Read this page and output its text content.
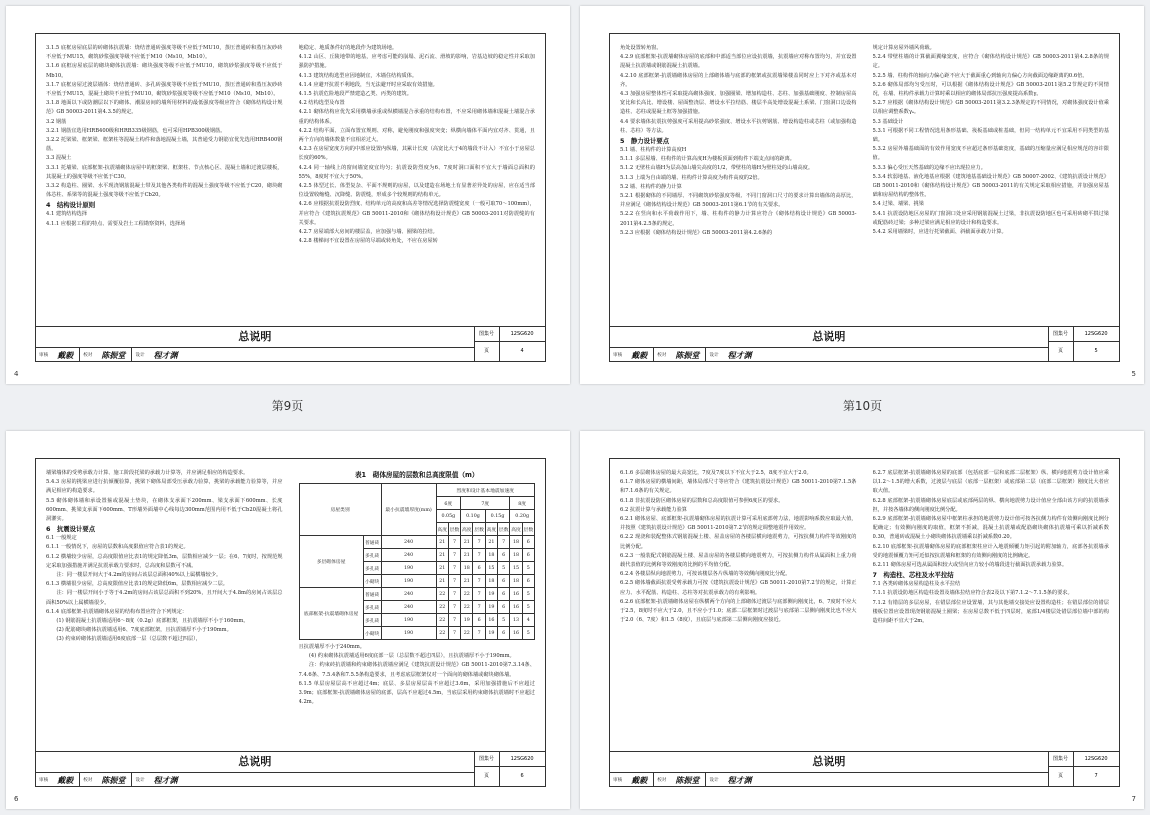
第9页	第10页

3.1.5 底框房屋底层的砖砌体抗震墙：烧结普通砖强度等级不应低于MU10，蒸压普通砖和蒸压灰砂砖不应低于MU15，砌筑砂浆强度等级不应低于M10（Ms10，Mb10）。

3.1.6 底框房屋底层的砌块砌体抗震墙：砌块强度等级不应低于MU10，砌筑砂浆强度等级不应低于Mb10。

3.1.7 底框房屋过渡层墙体：烧结普通砖、多孔砖强度等级不应低于MU10，蒸压普通砖和蒸压灰砂砖不应低于MU15，混凝土砌块不应低于MU10，砌筑砂浆强度等级不应低于M10（Ms10，Mb10）。

3.1.8 地面以下或防潮层以下的砌体、潮湿房间的墙所用材料的最低强度等级应符合《砌体结构设计规范》GB 50003-2011第4.3.5的规定。

3.2 钢筋

3.2.1 钢筋宜选用HRB400级和HRB335级钢筋，也可采用HPB300级钢筋。

3.2.2 托梁梁、框架梁、框架柱等混凝土构件和落地混凝土墙，其普通受力钢筋宜优先选用HRB400钢筋。

3.3 混凝土

3.3.1 托墙梁、底部框架-抗震墙砌体房屋中的框架梁、框架柱、节点核心区、混凝土墙和过渡层楼板，其混凝土的强度等级不应低于C30。

3.3.2 构造柱、圈梁、水平现浇钢筋混凝土带及其他各类构件的混凝土强度等级不应低于C20，砌块砌体芯柱、系梁等的混凝土强度等级不应低于Cb20。

4　结构设计原则

4.1 建筑结构选择

4.1.1 应根据工程的特点、需要及岩土工程勘察资料，选择场

地稳定、地质条件好的地段作为建筑场地。

4.1.2 山区、丘陵地带的地基，应考虑可能的崩塌、泥石流、滑坡的影响，岩基边坡的稳定性并采取加强防护措施。

4.1.3 建筑结构选型应因地制宜，木墙住结构质体。

4.1.4 应避开抗震不利地段，当无法避开时应采取有效措施。

4.1.5 抗震危险地段严禁建造乙类、丙类的建筑。

4.2 结构选型及布置

4.2.1 砌体结构应优先采用横墙承重或纵横墙混合承重的结构布置，不应采用砌体墙和混凝土墙混合承重的结构体系。

4.2.2 结构平面、立面布置宜规则、对称，避免刚度和强度突变；纵横向墙体平面内宜对齐、贯通，且两个方向的墙体数量不宜相差过大。

4.2.3 在房屋宽度方向的中部应设置内纵墙，其累计长度（高宽比大于4的墙段不计入）不宜小于房屋总长度的60%。

4.2.4 同一轴线上的窗间墙宽度宜均匀；抗震设防烈度为6、7度时洞口面积不宜大于墙面总面积的55%，8度时不宜大于50%。

4.2.5 体型过长、体型复杂、平面不规则的房屋，以及建造在场地土有显著差异处的房屋，应在适当部位设置收缩缝、沉降缝、防震缝，形成多个较规则的结构单元。

4.2.6 应根据抗震设防烈度、结构单元的高度和高差等情况选择防震缝宽度（一般可取70～100mm），并应符合《建筑抗震规范》GB 50011-2010和《砌体结构设计规范》GB 50003-2011对防震缝的有关要求。

4.2.7 房屋端部大房间的楼层盖，应加强与墙、圈梁的拉结。

4.2.8 楼梯间不宜设置在房屋的尽端或转角处，不应在房屋转

总说明	图集号	12SG620
页	4
审核	戴毅	校对	陈振堂	设计	程才渊
4

角处设置转角窗。

4.2.9 底部框架-抗震墙砌体房屋的底部和中部适当部位应设抗震墙，抗震墙应对称布置均匀，并宜设置混凝土抗震墙或钢筋混凝土抗震墙。

4.2.10 底部框架-抗震墙砌体房屋的上部砌体墙与底部的框架或抗震墙梁楼盖同时应上下对齐或基本对齐。

4.3 加强房屋整体性可采取提高砌体强度、加强圈梁、增加构造柱、芯柱、加强基础刚度、控制房屋高宽比和长高比、增设楼、屋面整浇层、增设水平拉结筋、楼层半高处增设混凝土系梁、门窗洞口边设构造柱、芯柱或混凝土框等加强措施。

4.4 要求墙体抗震抗剪强度可采用提高砂浆强度、增设水平抗剪钢筋、增设构造柱或芯柱（或加强构造柱、芯柱）等方法。

5　静力设计要点

5.1 墙、柱构件的计算高度H

5.1.1 多层屋墙、柱构件的计算高度H为楼板顶面到构件下端支点间的距离。

5.1.2 无壁柱山墙H为层高加山墙尖高度的1/2，带壁柱的墙H为壁柱处的山墙高度。

5.1.3 上端为自由端的墙、柱构件计算高度为构件高度的2倍。

5.2 墙、柱构件的静力计算

5.2.1 根据砌体的不同墙厚、不同砌筑砂浆强度等级、不同门窗洞口尺寸的要求计算出墙体的高厚比，并应满足《砌体结构设计规范》GB 50003-2011第6.1节的有关要求。

5.2.2 在竖向和水平荷载作用下，墙、柱构件的静力计算应符合《砌体结构设计规范》GB 50003-2011第4.2.5条的规定。

5.2.3 应根据《砌体结构设计规范》GB 50003-2011第4.2.6条的

规定计算房屋外墙风荷载。

5.2.4 带壁柱墙的计算截面翼缘宽度，应符合《砌体结构设计规范》GB 50003-2011第4.2.8条的规定。

5.2.5 墙、柱构件的轴向力偏心距不应大于截面重心到轴向力偏心方向截面边缘距离的0.6倍。

5.2.6 砌体局部均匀受压时，可以根据《砌体结构设计规范》GB 50003-2011第5.2节规定的不同情况，在墙、柱构件承载力计算时乘以相应的砌体局部抗压强度提高系数γ。

5.2.7 应根据《砌体结构设计规范》GB 50003-2011第3.2.3条规定的不同情况，对砌体强度设计值乘以相应调整系数γₐ。

5.3 基础设计

5.3.1 可根据不同工程情况选用条形基础、筏板基础或桩基础，但同一结构单元不宜采用不同类型的基础。

5.3.2 房屋外墙基础面的有效作用宽度不应超过条形基础宽度，基础的压缩量应满足相应规范的容许限值。

5.3.3 偏心受压天然基础的边缘不应出现拉应力。

5.3.4 软弱地基、液化地基应根据《建筑地基基础设计规范》GB 50007-2002、《建筑抗震设计规范》GB 50011-2010和《砌体结构设计规范》GB 50003-2011的有关规定采取相应措施，并加强房屋基础和房屋结构的整体性。

5.4 过梁、墙梁、挑梁

5.4.1 抗震设防地区房屋的门窗洞口处应采用钢筋混凝土过梁，非抗震设防地区也可采用砖砌平拱过梁或配筋砖过梁；多种过梁应满足相应的设计和构造要求。

5.4.2 采用墙梁时，应进行托梁截面、斜截面承载力计算。

总说明	图集号	12SG620
页	5
审核	戴毅	校对	陈振堂	设计	程才渊
5

墙梁墙体的受剪承载力计算、施工阶段托梁的承载力计算等，并应满足相应的构造要求。

5.4.3 房屋的挑梁应进行抗倾覆验算，挑梁下砌体局部受压承载力验算，挑梁的承载能力验算等，并应满足相应的构造要求。

5.5 砌体砌体墙和承设置箍或混凝土垫块，在砌体支承面下200mm、梁支承面下600mm、长度600mm、挑梁支承面下600mm、T形墙外面墙中心线每边300mm范围内用不低于Cb20混凝土将孔洞灌实。

6　抗震设计要点

6.1 一般规定

6.1.1 一般情况下，房屋的层数和高度限值应符合表1的规定。

6.1.2 横墙较少房屋，总高度限值应比表1的规定降低3m，层数相应减少一层；在6、7度时，按规范规定采取加强措施并满足抗震承载力要求时，总高度和层数可不减。

　　注：同一楼层开间大于4.2m的房间占该层总面积40%以上属横墙较少。

6.1.3 横墙很少房屋，总高度限值应比表1的规定降低6m，层数相应减少二层。

　　注：同一楼层开间小于等于4.2m的房间占该层总面积不到20%，且开间大于4.8m的房间占该层总面积50%以上属横墙很少。

6.1.4 底部框架-抗震墙砌体房屋的结构布置应符合下列规定：

　　(1) 钢筋混凝土抗震墙适用6～8度（0.2g）底部框架，且抗震墙厚不小于160mm。

　　(2) 配筋砌块砌体抗震墙适用6、7度底部框架，且抗震墙厚不小于190mm。

　　(3) 约束砖砌体抗震墙适用6度底部一层（总层数不超过四层），

表1　砌体房屋的层数和总高度限值（m）

房屋类别		最小抗震墙厚度(mm)	烈度和设计基本地震加速度							
			6度		7度				8度	
			0.05g		0.10g		0.15g		0.20g	
			高度	层数	高度	层数	高度	层数	高度	层数
多层砌体房屋	普通砖	240	21	7	21	7	21	7	18	6
	多孔砖	240	21	7	21	7	18	6	18	6
	多孔砖	190	21	7	18	6	15	5	15	5
	小砌块	190	21	7	21	7	18	6	18	6
底部框架-抗震墙砌体房屋	普通砖	240	22	7	22	7	19	6	16	5
	多孔砖	240	22	7	22	7	19	6	16	5
	多孔砖	190	22	7	19	6	16	5	13	4
	小砌块	190	22	7	22	7	19	6	16	5

且抗震墙厚不小于240mm。

　　(4) 约束砌体抗震墙适用6度底部一层（总层数不超过四层），且抗震墙厚不小于190mm。

　　注：约束砖抗震墙和约束砌体抗震墙应满足《建筑抗震设计规范》GB 50011-2010第7.3.14条、7.4.6条、7.5.4条和7.5.5条构造要求，且考虑底层框架仅对一个面向的砌体墙或砌块砌体墙。

6.1.5 单层房屋层高不应超过4m；底层、多层房屋层高不应超过3.6m，采用加强措施后不应超过3.9m；底部框架-抗震墙砌体房屋的底部，层高不应超过4.5m，当底层采用约束砌体抗震墙时不应超过4.2m。

总说明	图集号	12SG620
页	6
审核	戴毅	校对	陈振堂	设计	程才渊
6

6.1.6 多层砌体房屋的最大高宽比，7度及7度以下不宜大于2.5，8度不宜大于2.0。

6.1.7 砌体房屋的横墙间距，墙体局部尺寸等应符合《建筑抗震设计规范》GB 50011-2010第7.1.5条和7.1.6条的有关规定。

6.1.8 非抗震设防区砌体房屋的层数和总高度限值可参照6度区的要求。

6.2 抗震计算与承载能力验算

6.2.1 砌体房屋、底部框架-抗震墙砌体房屋的抗震计算可采用底部剪力法，地震影响系数应取最大值，并按照《建筑抗震设计规范》GB 50011-2010第7.2节的规定调整地震作用效应。

6.2.2 现浇和装配整体式钢筋混凝土楼、屋盖房屋的各楼层横向地震剪力，可按抗侧力构件等效刚度的比例分配。

6.2.3 一般装配式钢筋混凝土楼、屋盖房屋的各楼层横向地震剪力，可按抗侧力构件从属面积上重力荷载代表值的比例和等效刚度的比例的平均值分配。

6.2.4 各楼层纵向地震剪力，可按该楼层各片纵墙的等效侧向刚度比分配。

6.2.5 砌体墙截面抗震受剪承载力可按《建筑抗震设计规范》GB 50011-2010第7.2节的规定，计算正应力、水平配筋、构造柱、芯柱等对抗震承载力的有利影响。

6.2.6 底部框架-抗震墙砌体房屋在纵横两个方向的上部砌体过渡层与底部侧向刚度比，6、7度时不应大于2.5，8度时不应大于2.0，且不应小于1.0；底部二层框架时过渡层与底部第二层侧向刚度比也不应大于2.0（6、7度）和1.5（8度），且底层与底部第二层侧向刚度应接近。

6.2.7 底层框架-抗震墙砌体房屋的底部（包括底部一层和底部二层框架）纵、横向地震剪力设计值应乘以1.2～1.5的增大系数，过渡层与底层（底部一层框架）或底部第二层（底部二层框架）刚度比大者应取大值。

6.2.8 底部框架-抗震墙砌体房屋底层或底部两层的纵、横向地震剪力设计值应全部由该方向的抗震墙承担，并按各墙体的侧向刚度比例分配。

6.2.9 底部框架-抗震墙砌体房屋中框架柱承担的地震剪力设计值可按各抗侧力构件有效侧向刚度比例分配确定；有效侧向刚度的取值，框架不折减，混凝土抗震墙或配筋砌块砌体抗震墙可乘以折减系数0.30，普通砖或混凝土小砌块砌体抗震墙乘以折减系数0.20。

6.2.10 底部框架-抗震墙砌体房屋的底部框架柱应计入地震倾覆力矩引起的附加轴力，底部各抗震墙承受的地震倾覆力矩可近似按抗震墙和框架的有效侧向刚度的比例确定。

6.2.11 砌体房屋可选从属面积较大或竖向应力较小的墙段进行截面抗震承载力验算。

7　构造柱、芯柱及水平拉结

7.1 各类砖砌体房屋构造柱及水平拉结

7.1.1 抗震设防地区构造柱设置及墙体拉结应符合表2及以下第7.1.2～7.1.5条的要求。

7.1.2 有错层的多层房屋，在错层部位应设置墙，其与其他墙交接处应设置构造柱；在错层部位的错层楼板位置应设置现浇钢筋混凝土圈梁；在房屋总数不低于四层时，底部1/4楼层处错层部位墙中部的构造柱间距不宜大于2m。

总说明	图集号	12SG620
页	7
审核	戴毅	校对	陈振堂	设计	程才渊
7
